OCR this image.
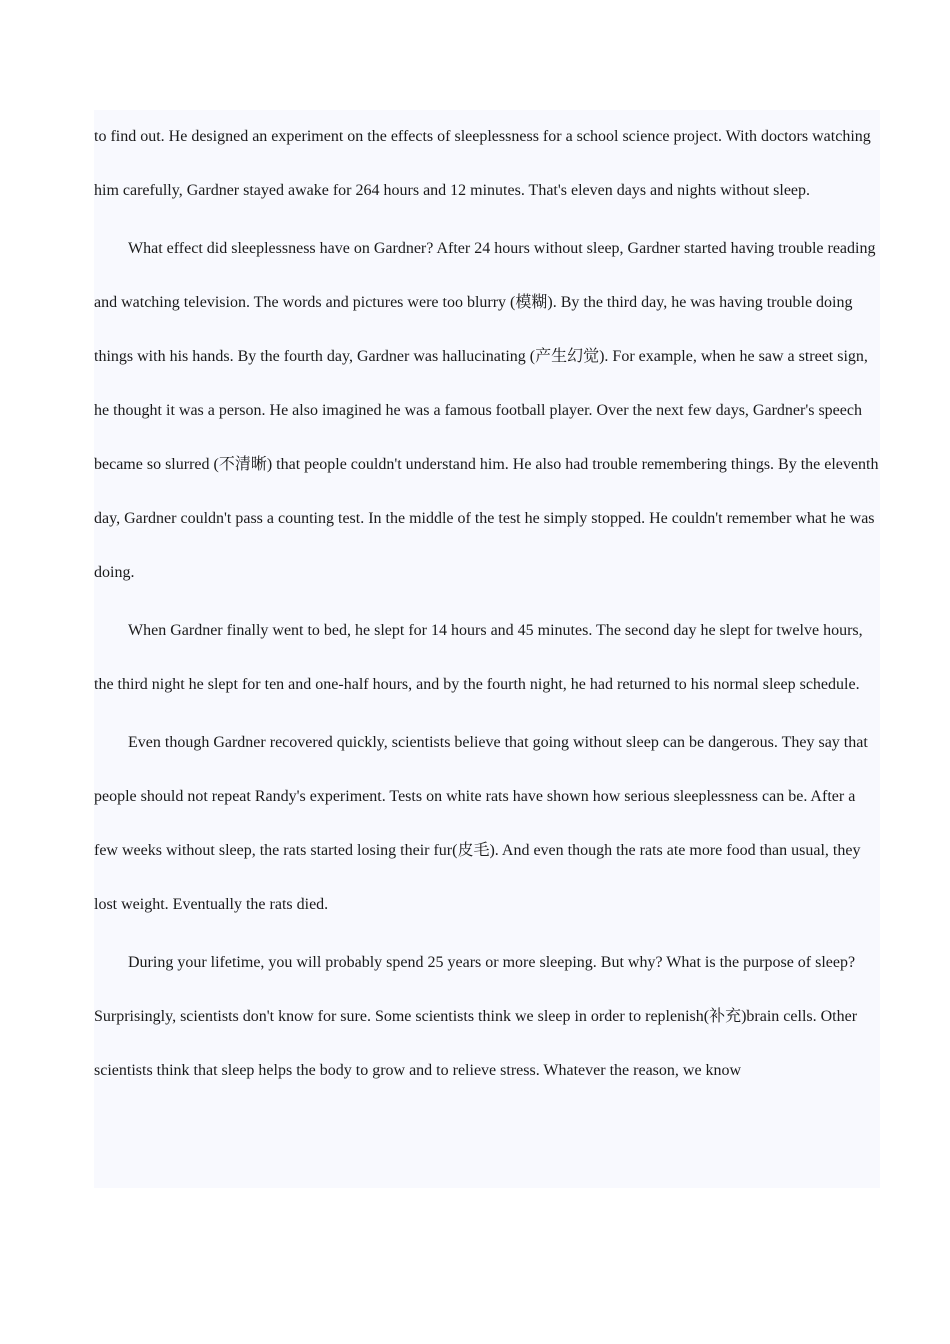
to find out. He designed an experiment on the effects of sleeplessness for a school science project. With doctors watching him carefully, Gardner stayed awake for 264 hours and 12 minutes. That's eleven days and nights without sleep.

What effect did sleeplessness have on Gardner? After 24 hours without sleep, Gardner started having trouble reading and watching television. The words and pictures were too blurry (模糊). By the third day, he was having trouble doing things with his hands. By the fourth day, Gardner was hallucinating (产生幻觉). For example, when he saw a street sign, he thought it was a person. He also imagined he was a famous football player. Over the next few days, Gardner's speech became so slurred (不清晰) that people couldn't understand him. He also had trouble remembering things. By the eleventh day, Gardner couldn't pass a counting test. In the middle of the test he simply stopped. He couldn't remember what he was doing.

When Gardner finally went to bed, he slept for 14 hours and 45 minutes. The second day he slept for twelve hours, the third night he slept for ten and one-half hours, and by the fourth night, he had returned to his normal sleep schedule.

Even though Gardner recovered quickly, scientists believe that going without sleep can be dangerous. They say that people should not repeat Randy's experiment. Tests on white rats have shown how serious sleeplessness can be. After a few weeks without sleep, the rats started losing their fur(皮毛). And even though the rats ate more food than usual, they lost weight. Eventually the rats died.

During your lifetime, you will probably spend 25 years or more sleeping. But why? What is the purpose of sleep? Surprisingly, scientists don't know for sure. Some scientists think we sleep in order to replenish(补充)brain cells. Other scientists think that sleep helps the body to grow and to relieve stress. Whatever the reason, we know
